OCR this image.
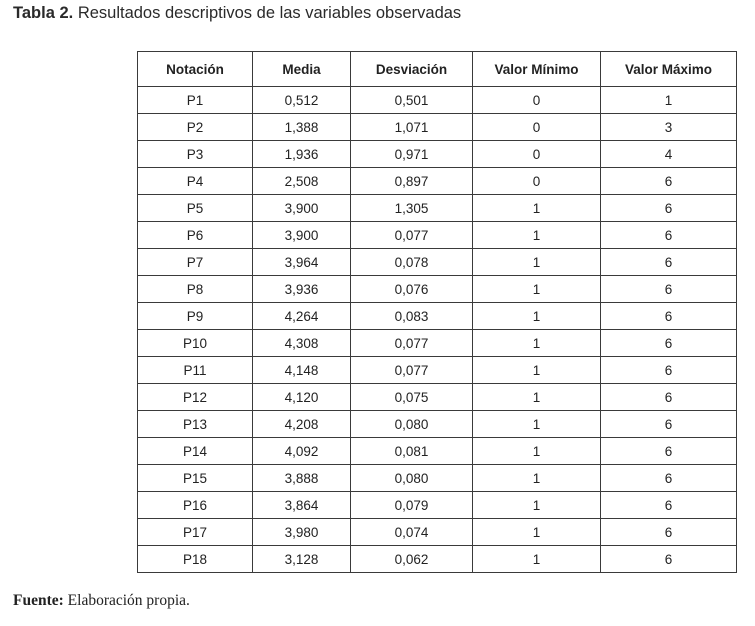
Tabla 2. Resultados descriptivos de las variables observadas
Notación	Media	Desviación	Valor Mínimo	Valor Máximo
P1	0,512	0,501	0	1
P2	1,388	1,071	0	3
P3	1,936	0,971	0	4
P4	2,508	0,897	0	6
P5	3,900	1,305	1	6
P6	3,900	0,077	1	6
P7	3,964	0,078	1	6
P8	3,936	0,076	1	6
P9	4,264	0,083	1	6
P10	4,308	0,077	1	6
P11	4,148	0,077	1	6
P12	4,120	0,075	1	6
P13	4,208	0,080	1	6
P14	4,092	0,081	1	6
P15	3,888	0,080	1	6
P16	3,864	0,079	1	6
P17	3,980	0,074	1	6
P18	3,128	0,062	1	6
Fuente: Elaboración propia.
